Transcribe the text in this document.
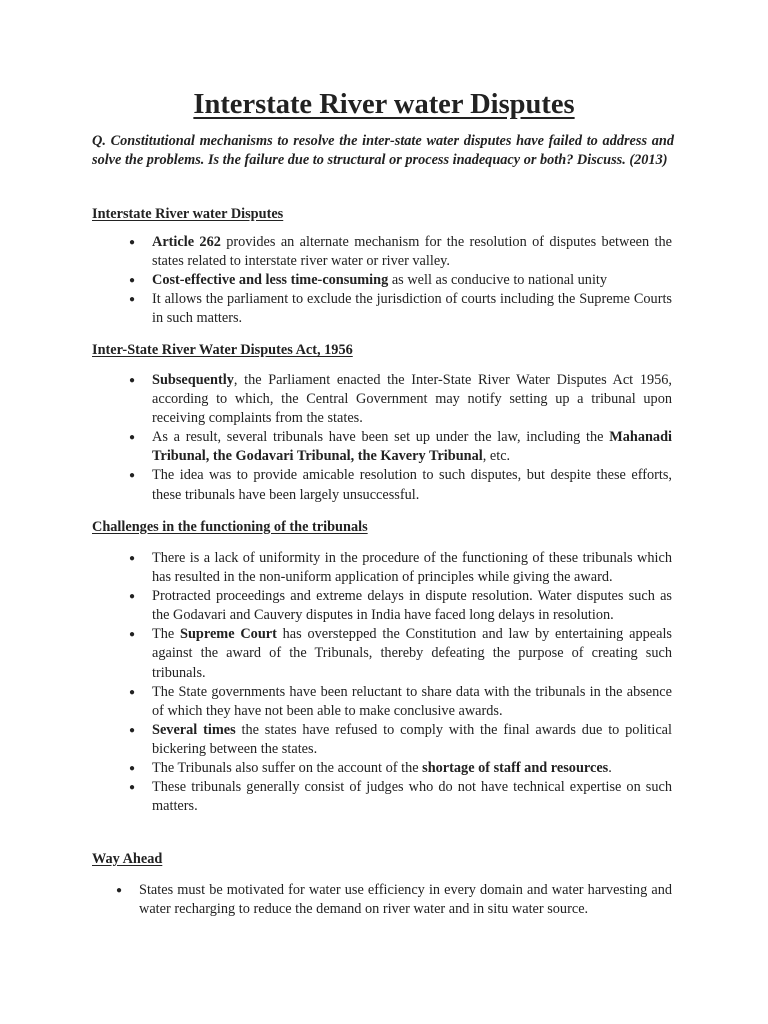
Interstate River water Disputes

Q. Constitutional mechanisms to resolve the inter-state water disputes have failed to address and solve the problems. Is the failure due to structural or process inadequacy or both? Discuss. (2013)

Interstate River water Disputes
● Article 262 provides an alternate mechanism for the resolution of disputes between the states related to interstate river water or river valley.
● Cost-effective and less time-consuming as well as conducive to national unity
● It allows the parliament to exclude the jurisdiction of courts including the Supreme Courts in such matters.
Inter-State River Water Disputes Act, 1956
● Subsequently, the Parliament enacted the Inter-State River Water Disputes Act 1956, according to which, the Central Government may notify setting up a tribunal upon receiving complaints from the states.
● As a result, several tribunals have been set up under the law, including the Mahanadi Tribunal, the Godavari Tribunal, the Kavery Tribunal, etc.
● The idea was to provide amicable resolution to such disputes, but despite these efforts, these tribunals have been largely unsuccessful.
Challenges in the functioning of the tribunals
● There is a lack of uniformity in the procedure of the functioning of these tribunals which has resulted in the non-uniform application of principles while giving the award.
● Protracted proceedings and extreme delays in dispute resolution. Water disputes such as the Godavari and Cauvery disputes in India have faced long delays in resolution.
● The Supreme Court has overstepped the Constitution and law by entertaining appeals against the award of the Tribunals, thereby defeating the purpose of creating such tribunals.
● The State governments have been reluctant to share data with the tribunals in the absence of which they have not been able to make conclusive awards.
● Several times the states have refused to comply with the final awards due to political bickering between the states.
● The Tribunals also suffer on the account of the shortage of staff and resources.
● These tribunals generally consist of judges who do not have technical expertise on such matters.
Way Ahead
● States must be motivated for water use efficiency in every domain and water harvesting and water recharging to reduce the demand on river water and in situ water source.
